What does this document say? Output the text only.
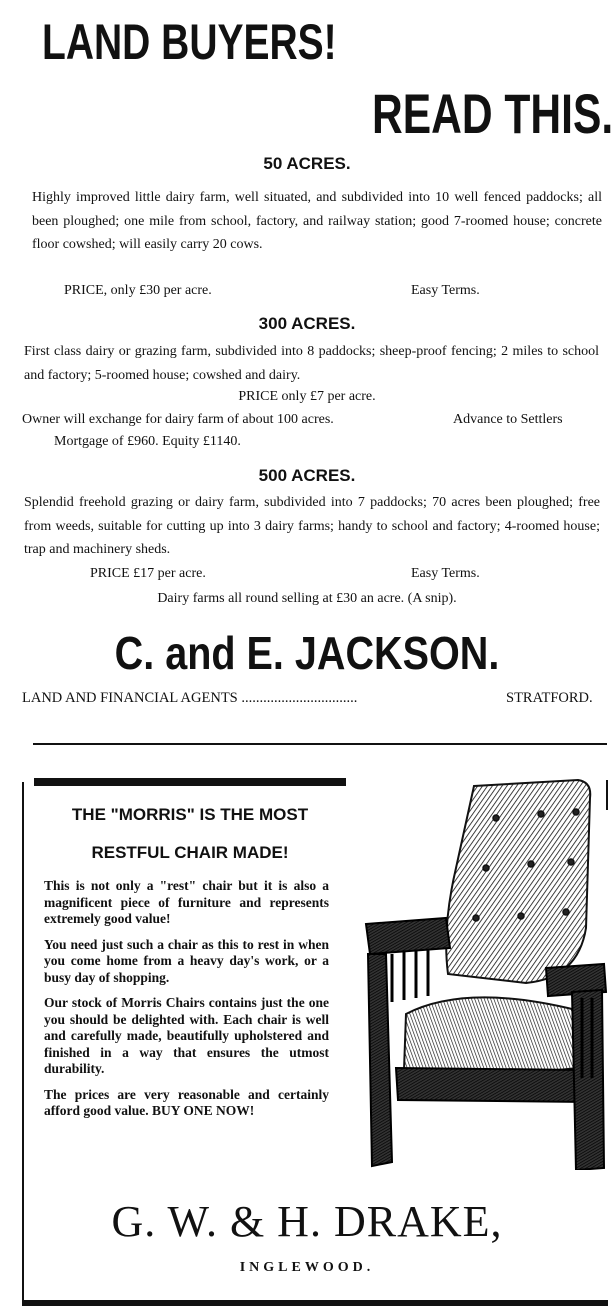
LAND BUYERS!
READ THIS.
50 ACRES.
Highly improved little dairy farm, well situated, and subdivided into 10 well fenced paddocks; all been ploughed; one mile from school, factory, and railway station; good 7-roomed house; concrete floor cowshed; will easily carry 20 cows.
PRICE, only £30 per acre.	Easy Terms.
300 ACRES.
First class dairy or grazing farm, subdivided into 8 paddocks; sheep-proof fencing; 2 miles to school and factory; 5-roomed house; cowshed and dairy.
PRICE only £7 per acre.
Owner will exchange for dairy farm of about 100 acres.	Advance to Settlers
Mortgage of £960. Equity £1140.
500 ACRES.
Splendid freehold grazing or dairy farm, subdivided into 7 paddocks; 70 acres been ploughed; free from weeds, suitable for cutting up into 3 dairy farms; handy to school and factory; 4-roomed house; trap and machinery sheds.
PRICE £17 per acre.	Easy Terms.
Dairy farms all round selling at £30 an acre. (A snip).
C. and E. JACKSON.
LAND AND FINANCIAL AGENTS ................................	STRATFORD.
THE "MORRIS" IS THE MOST
RESTFUL CHAIR MADE!

This is not only a "rest" chair but it is also a magnificent piece of furniture and represents extremely good value!

You need just such a chair as this to rest in when you come home from a heavy day's work, or a busy day of shopping.

Our stock of Morris Chairs contains just the one you should be delighted with. Each chair is well and carefully made, beautifully upholstered and finished in a way that ensures the utmost durability.

The prices are very reasonable and certainly afford good value. BUY ONE NOW!

G. W. & H. DRAKE,
INGLEWOOD.
